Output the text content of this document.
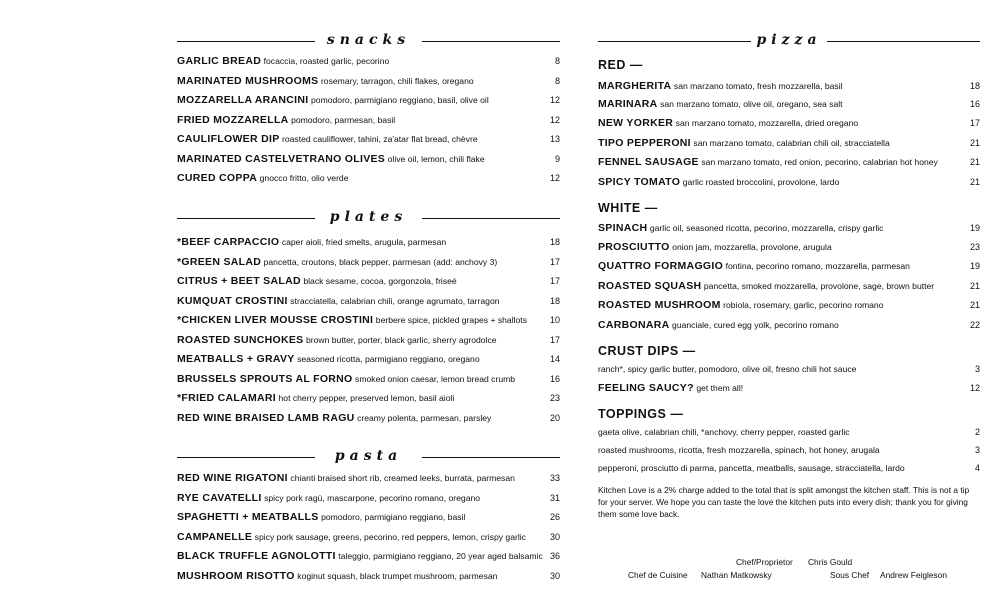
snacks
GARLIC BREAD focaccia, roasted garlic, pecorino	8
MARINATED MUSHROOMS rosemary, tarragon, chili flakes, oregano	8
MOZZARELLA ARANCINI pomodoro, parmigiano reggiano, basil, olive oil	12
FRIED MOZZARELLA pomodoro, parmesan, basil	12
CAULIFLOWER DIP roasted cauliflower, tahini, za'atar flat bread, chèvre	13
MARINATED CASTELVETRANO OLIVES olive oil, lemon, chili flake	9
CURED COPPA gnocco fritto, olio verde	12
plates
*BEEF CARPACCIO caper aioli, fried smelts, arugula, parmesan	18
*GREEN SALAD pancetta, croutons, black pepper, parmesan (add: anchovy 3)	17
CITRUS + BEET SALAD black sesame, cocoa, gorgonzola, friseé	17
KUMQUAT CROSTINI stracciatella, calabrian chili, orange agrumato, tarragon	18
*CHICKEN LIVER MOUSSE CROSTINI berbere spice, pickled grapes + shallots	10
ROASTED SUNCHOKES brown butter, porter, black garlic, sherry agrodolce	17
MEATBALLS + GRAVY seasoned ricotta, parmigiano reggiano, oregano	14
BRUSSELS SPROUTS AL FORNO smoked onion caesar, lemon bread crumb	16
*FRIED CALAMARI hot cherry pepper, preserved lemon, basil aioli	23
RED WINE BRAISED LAMB RAGU creamy polenta, parmesan, parsley	20
pasta
RED WINE RIGATONI chianti braised short rib, creamed leeks, burrata, parmesan	33
RYE CAVATELLI spicy pork ragù, mascarpone, pecorino romano, oregano	31
SPAGHETTI + MEATBALLS pomodoro, parmigiano reggiano, basil	26
CAMPANELLE spicy pork sausage, greens, pecorino, red peppers, lemon, crispy garlic	30
BLACK TRUFFLE AGNOLOTTI taleggio, parmigiano reggiano, 20 year aged balsamic 36
MUSHROOM RISOTTO koginut squash, black trumpet mushroom, parmesan	30
pizza
RED —
MARGHERITA san marzano tomato, fresh mozzarella, basil	18
MARINARA san marzano tomato, olive oil, oregano, sea salt	16
NEW YORKER san marzano tomato, mozzarella, dried oregano	17
TIPO PEPPERONI san marzano tomato, calabrian chili oil, stracciatella	21
FENNEL SAUSAGE san marzano tomato, red onion, pecorino, calabrian hot honey	21
SPICY TOMATO garlic roasted broccolini, provolone, lardo	21
WHITE —
SPINACH garlic oil, seasoned ricotta, pecorino, mozzarella, crispy garlic	19
PROSCIUTTO onion jam, mozzarella, provolone, arugula	23
QUATTRO FORMAGGIO fontina, pecorino romano, mozzarella, parmesan	19
ROASTED SQUASH pancetta, smoked mozzarella, provolone, sage, brown butter	21
ROASTED MUSHROOM robiola, rosemary, garlic, pecorino romano	21
CARBONARA guanciale, cured egg yolk, pecorino romano	22
CRUST DIPS —
ranch*, spicy garlic butter, pomodoro, olive oil, fresno chili hot sauce	3
FEELING SAUCY? get them all!	12
TOPPINGS —
gaeta olive, calabrian chili, *anchovy, cherry pepper, roasted garlic	2
roasted mushrooms, ricotta, fresh mozzarella, spinach, hot honey, arugala	3
pepperoni, prosciutto di parma, pancetta, meatballs, sausage, stracciatella, lardo	4
Kitchen Love is a 2% charge added to the total that is split amongst the kitchen staff. This is not a tip for your server. We hope you can taste the love the kitchen puts into every dish; thank you for giving them some love back.
Chef/Proprietor Chris Gould
Chef de Cuisine Nathan Matkowsky	Sous Chef Andrew Feigleson
